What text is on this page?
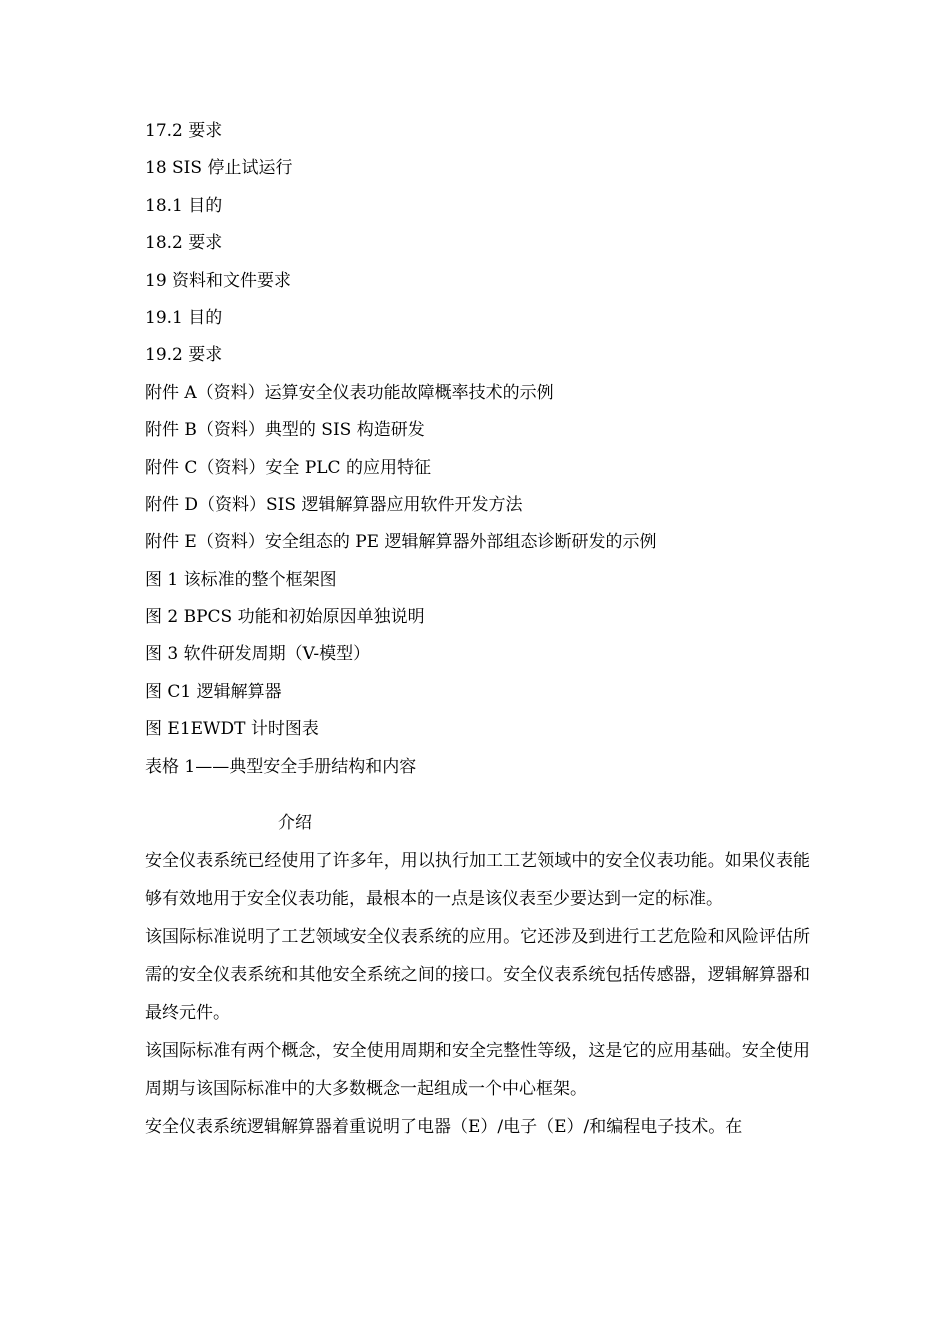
17.2 要求
18 SIS 停止试运行
18.1 目的
18.2 要求
19 资料和文件要求
19.1 目的
19.2 要求
附件 A（资料）运算安全仪表功能故障概率技术的示例
附件 B（资料）典型的 SIS 构造研发
附件 C（资料）安全 PLC 的应用特征
附件 D（资料）SIS 逻辑解算器应用软件开发方法
附件 E（资料）安全组态的 PE 逻辑解算器外部组态诊断研发的示例
图 1 该标准的整个框架图
图 2 BPCS 功能和初始原因单独说明
图 3 软件研发周期（V-模型）
图 C1 逻辑解算器
图 E1EWDT 计时图表
表格 1——典型安全手册结构和内容
介绍
安全仪表系统已经使用了许多年，用以执行加工工艺领域中的安全仪表功能。如果仪表能够有效地用于安全仪表功能，最根本的一点是该仪表至少要达到一定的标准。
该国际标准说明了工艺领域安全仪表系统的应用。它还涉及到进行工艺危险和风险评估所需的安全仪表系统和其他安全系统之间的接口。安全仪表系统包括传感器，逻辑解算器和最终元件。
该国际标准有两个概念，安全使用周期和安全完整性等级，这是它的应用基础。安全使用周期与该国际标准中的大多数概念一起组成一个中心框架。
安全仪表系统逻辑解算器着重说明了电器（E）/电子（E）/和编程电子技术。在
